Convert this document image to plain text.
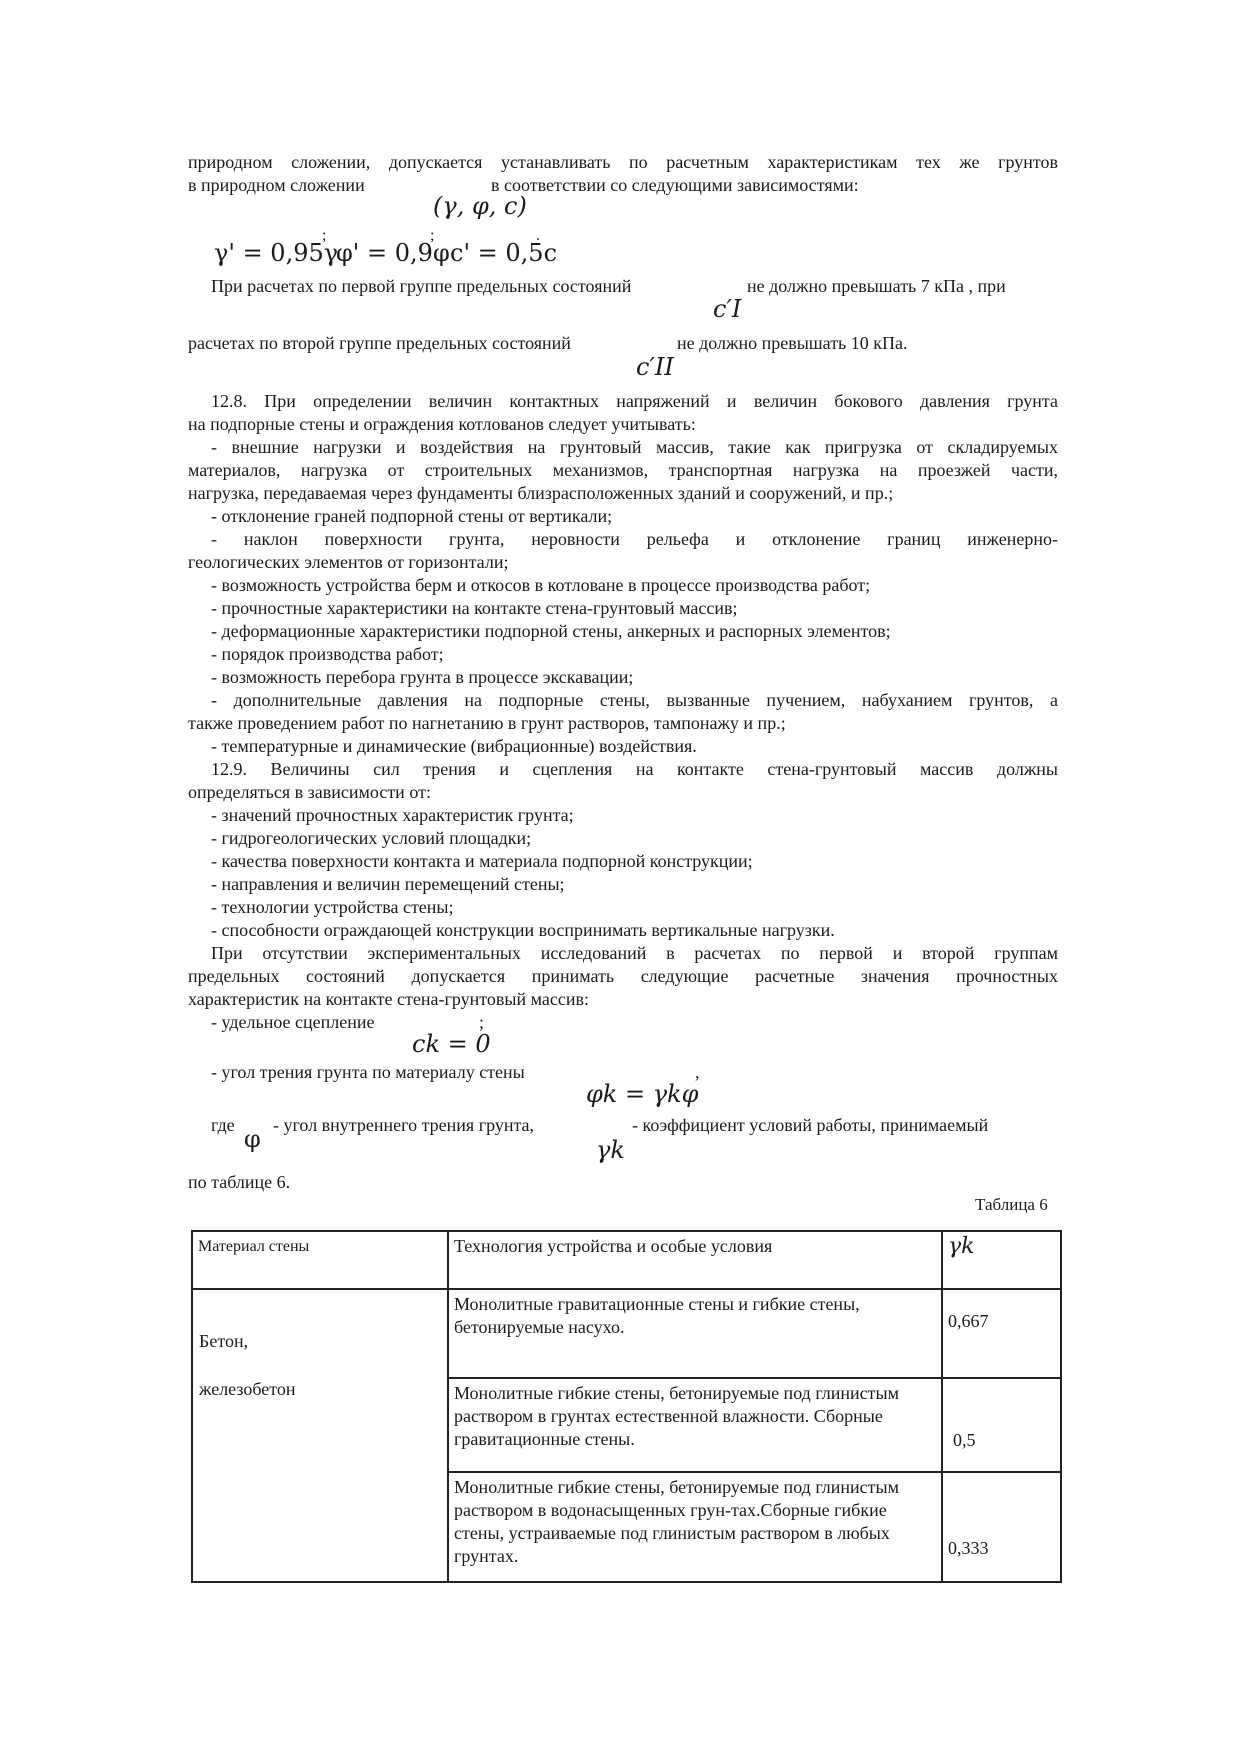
природном сложении, допускается устанавливать по расчетным характеристикам тех же грунтов
в природном сложении	в соответствии со следующими зависимостями:
(γ, φ, c)
γ' = 0,95γ
;
φ' = 0,9φ
;
c' = 0,5c
.
При расчетах по первой группе предельных состояний	не должно превышать 7 кПа , при
c′I
расчетах по второй группе предельных состояний	не должно превышать 10 кПа.
c′II
12.8. При определении величин контактных напряжений и величин бокового давления грунта
на подпорные стены и ограждения котлованов следует учитывать:
- внешние нагрузки и воздействия на грунтовый массив, такие как пригрузка от складируемых
материалов, нагрузка от строительных механизмов, транспортная нагрузка на проезжей части,
нагрузка, передаваемая через фундаменты близрасположенных зданий и сооружений, и пр.;
- отклонение граней подпорной стены от вертикали;
- наклон поверхности грунта, неровности рельефа и отклонение границ инженерно-
геологических элементов от горизонтали;
- возможность устройства берм и откосов в котловане в процессе производства работ;
- прочностные характеристики на контакте стена-грунтовый массив;
- деформационные характеристики подпорной стены, анкерных и распорных элементов;
- порядок производства работ;
- возможность перебора грунта в процессе экскавации;
- дополнительные давления на подпорные стены, вызванные пучением, набуханием грунтов, а
также проведением работ по нагнетанию в грунт растворов, тампонажу и пр.;
- температурные и динамические (вибрационные) воздействия.
12.9. Величины сил трения и сцепления на контакте стена-грунтовый массив должны
определяться в зависимости от:
- значений прочностных характеристик грунта;
- гидрогеологических условий площадки;
- качества поверхности контакта и материала подпорной конструкции;
- направления и величин перемещений стены;
- технологии устройства стены;
- способности ограждающей конструкции воспринимать вертикальные нагрузки.
При отсутствии экспериментальных исследований в расчетах по первой и второй группам
предельных состояний допускается принимать следующие расчетные значения прочностных
характеристик на контакте стена-грунтовый массив:
- удельное сцепление	;
ck = 0
- угол трения грунта по материалу стены	,
φk = γkφ
где φ - угол внутреннего трения грунта,
γk
- коэффициент условий работы, принимаемый
по таблице 6.
Таблица 6
Материал стены	Технология устройства и особые условия	γk

Бетон,
железобетон	Монолитные гравитационные стены и гибкие стены, бетонируемые насухо.	0,667
	Монолитные гибкие стены, бетонируемые под глинистым раствором в грунтах естественной влажности. Сборные гравитационные стены.	0,5
	Монолитные гибкие стены, бетонируемые под глинистым раствором в водонасыщенных грун-тах.Сборные гибкие стены, устраиваемые под глинистым раствором в любых грунтах.	0,333
